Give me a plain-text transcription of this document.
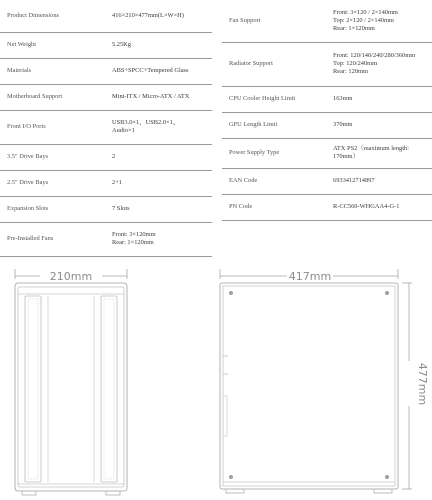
Product Dimensions	416×210×477mm(L×W×H)

Net Weight	5.25Kg

Materials	ABS+SPCC+Tempered Glass

Motherboard Support	Mini-ITX / Micro-ATX / ATX

Front I/O Ports	USB3.0×1、USB2.0×1、
Audio×1

3.5" Drive Bays	2

2.5" Drive Bays	2+1

Expansion Slots	7 Slots

Pre-Installed Fans	Front: 3×120mm
Rear: 1×120mm
Fan Support	Front: 3×120 / 2×140mm
Top: 2×120 / 2×140mm
Rear: 1×120mm

Radiator Support	Front: 120/140/240/280/360mm
Top: 120/240mm
Rear: 120mm

CPU Cooler Height Limit	163mm

GPU Length Limit	370mm

Power Supply Type	ATX PS2（maximum length:
170mm）

EAN Code	6933412714897

PN Code	R-CC560-WHGAA4-G-1
210mm	417mm
477mm
